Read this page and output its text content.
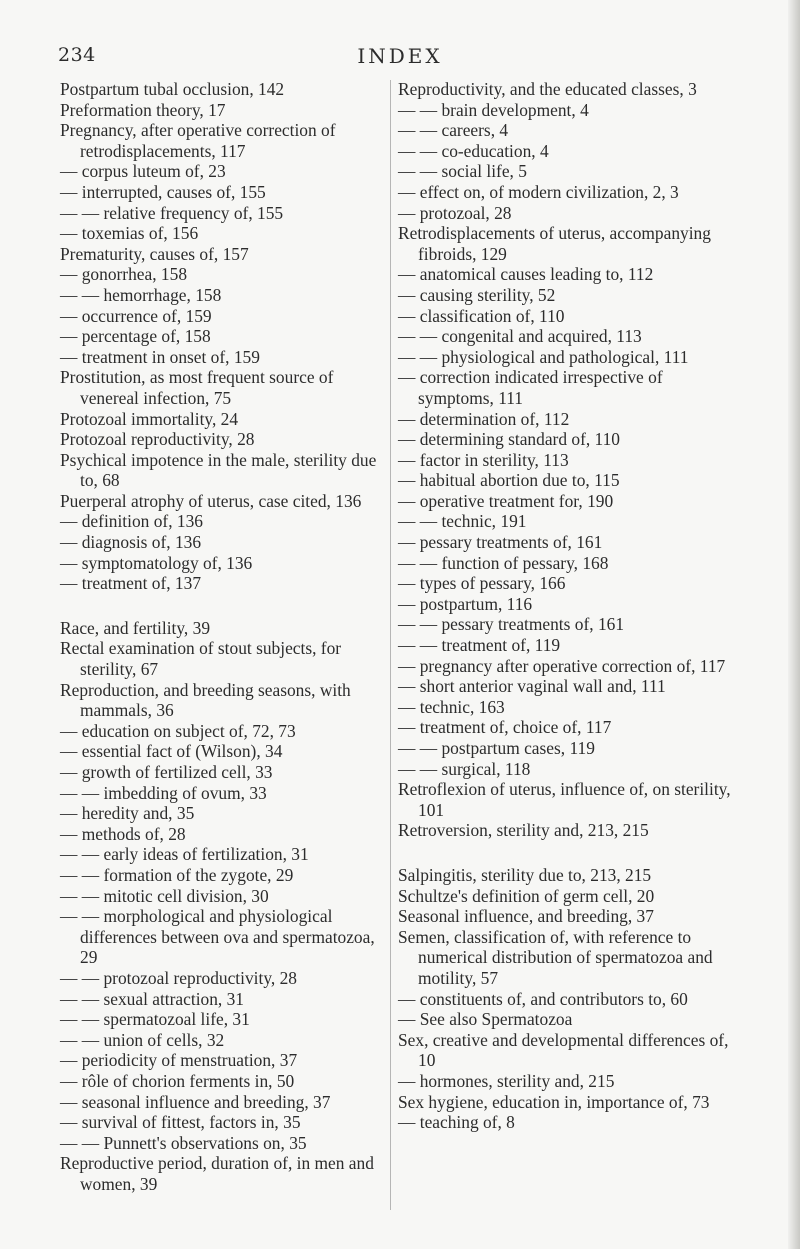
234	INDEX
Postpartum tubal occlusion, 142
Preformation theory, 17
Pregnancy, after operative correction of retrodisplacements, 117
— corpus luteum of, 23
— interrupted, causes of, 155
— — relative frequency of, 155
— toxemias of, 156
Prematurity, causes of, 157
— gonorrhea, 158
— — hemorrhage, 158
— occurrence of, 159
— percentage of, 158
— treatment in onset of, 159
Prostitution, as most frequent source of venereal infection, 75
Protozoal immortality, 24
Protozoal reproductivity, 28
Psychical impotence in the male, sterility due to, 68
Puerperal atrophy of uterus, case cited, 136
— definition of, 136
— diagnosis of, 136
— symptomatology of, 136
— treatment of, 137
Race, and fertility, 39
Rectal examination of stout subjects, for sterility, 67
Reproduction, and breeding seasons, with mammals, 36
— education on subject of, 72, 73
— essential fact of (Wilson), 34
— growth of fertilized cell, 33
— — imbedding of ovum, 33
— heredity and, 35
— methods of, 28
— — early ideas of fertilization, 31
— — formation of the zygote, 29
— — mitotic cell division, 30
— — morphological and physiological differences between ova and spermatozoa, 29
— — protozoal reproductivity, 28
— — sexual attraction, 31
— — spermatozoal life, 31
— — union of cells, 32
— periodicity of menstruation, 37
— rôle of chorion ferments in, 50
— seasonal influence and breeding, 37
— survival of fittest, factors in, 35
— — Punnett's observations on, 35
Reproductive period, duration of, in men and women, 39
Reproductivity, and the educated classes, 3
— — brain development, 4
— — careers, 4
— — co-education, 4
— — social life, 5
— effect on, of modern civilization, 2, 3
— protozoal, 28
Retrodisplacements of uterus, accompanying fibroids, 129
— anatomical causes leading to, 112
— causing sterility, 52
— classification of, 110
— — congenital and acquired, 113
— — physiological and pathological, 111
— correction indicated irrespective of symptoms, 111
— determination of, 112
— determining standard of, 110
— factor in sterility, 113
— habitual abortion due to, 115
— operative treatment for, 190
— — technic, 191
— pessary treatments of, 161
— — function of pessary, 168
— types of pessary, 166
— postpartum, 116
— — pessary treatments of, 161
— — treatment of, 119
— pregnancy after operative correction of, 117
— short anterior vaginal wall and, 111
— technic, 163
— treatment of, choice of, 117
— — postpartum cases, 119
— — surgical, 118
Retroflexion of uterus, influence of, on sterility, 101
Retroversion, sterility and, 213, 215
Salpingitis, sterility due to, 213, 215
Schultze's definition of germ cell, 20
Seasonal influence, and breeding, 37
Semen, classification of, with reference to numerical distribution of spermatozoa and motility, 57
— constituents of, and contributors to, 60
— See also Spermatozoa
Sex, creative and developmental differences of, 10
— hormones, sterility and, 215
Sex hygiene, education in, importance of, 73
— teaching of, 8
